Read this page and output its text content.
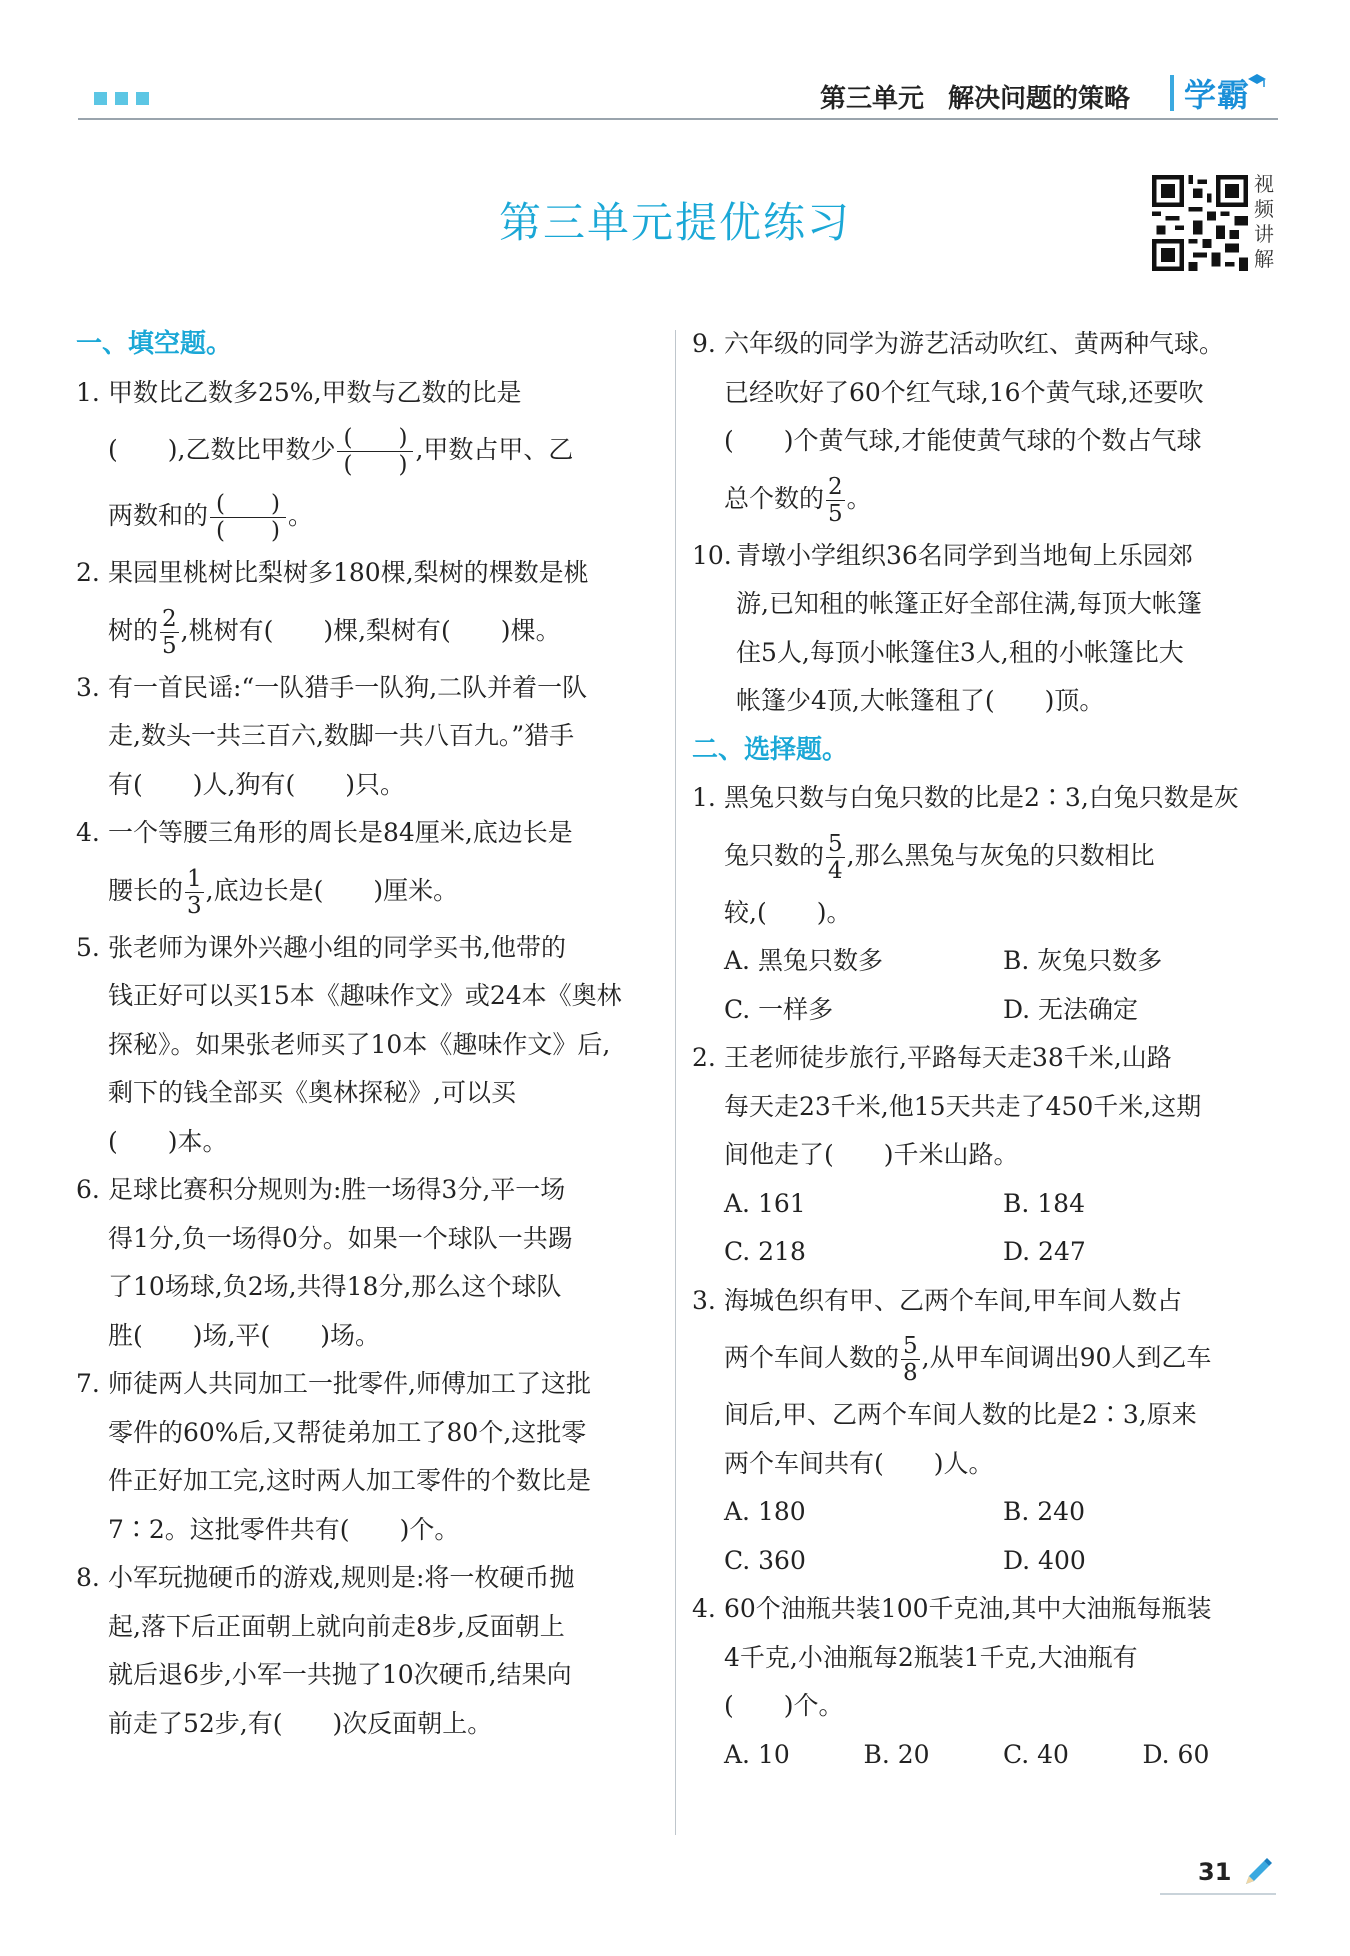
第三单元 解决问题的策略 学霸
第三单元提优练习
视频讲解
一、填空题。
1. 甲数比乙数多25%,甲数与乙数的比是
(　　),乙数比甲数少 $\frac{( )}{( )}$ ,甲数占甲、乙
两数和的 $\frac{( )}{( )}$ 。
2. 果园里桃树比梨树多180棵,梨树的棵数是桃
树的 $\frac{2}{5}$ ,桃树有(　　)棵,梨树有(　　)棵。
3. 有一首民谣:“一队猎手一队狗,二队并着一队
走,数头一共三百六,数脚一共八百九。”猎手
有(　　)人,狗有(　　)只。
4. 一个等腰三角形的周长是84厘米,底边长是
腰长的 $\frac{1}{3}$ ,底边长是(　　)厘米。
5. 张老师为课外兴趣小组的同学买书,他带的
钱正好可以买15本《趣味作文》或24本《奥林
探秘》。如果张老师买了10本《趣味作文》后,
剩下的钱全部买《奥林探秘》,可以买
(　　)本。
6. 足球比赛积分规则为:胜一场得3分,平一场
得1分,负一场得0分。如果一个球队一共踢
了10场球,负2场,共得18分,那么这个球队
胜(　　)场,平(　　)场。
7. 师徒两人共同加工一批零件,师傅加工了这批
零件的60%后,又帮徒弟加工了80个,这批零
件正好加工完,这时两人加工零件的个数比是
7∶2。这批零件共有(　　)个。
8. 小军玩抛硬币的游戏,规则是:将一枚硬币抛
起,落下后正面朝上就向前走8步,反面朝上
就后退6步,小军一共抛了10次硬币,结果向
前走了52步,有(　　)次反面朝上。
9. 六年级的同学为游艺活动吹红、黄两种气球。
已经吹好了60个红气球,16个黄气球,还要吹
(　　)个黄气球,才能使黄气球的个数占气球
总个数的 $\frac{2}{5}$ 。
10. 青墩小学组织36名同学到当地甸上乐园郊
游,已知租的帐篷正好全部住满,每顶大帐篷
住5人,每顶小帐篷住3人,租的小帐篷比大
帐篷少4顶,大帐篷租了(　　)顶。
二、选择题。
1. 黑兔只数与白兔只数的比是2∶3,白兔只数是灰
兔只数的 $\frac{5}{4}$ ,那么黑兔与灰兔的只数相比
较,(　　)。
A. 黑兔只数多	B. 灰兔只数多
C. 一样多	D. 无法确定
2. 王老师徒步旅行,平路每天走38千米,山路
每天走23千米,他15天共走了450千米,这期
间他走了(　　)千米山路。
A. 161	B. 184
C. 218	D. 247
3. 海城色织有甲、乙两个车间,甲车间人数占
两个车间人数的 $\frac{5}{8}$ ,从甲车间调出90人到乙车
间后,甲、乙两个车间人数的比是2∶3,原来
两个车间共有(　　)人。
A. 180	B. 240
C. 360	D. 400
4. 60个油瓶共装100千克油,其中大油瓶每瓶装
4千克,小油瓶每2瓶装1千克,大油瓶有
(　　)个。
A. 10	B. 20	C. 40	D. 60
31
